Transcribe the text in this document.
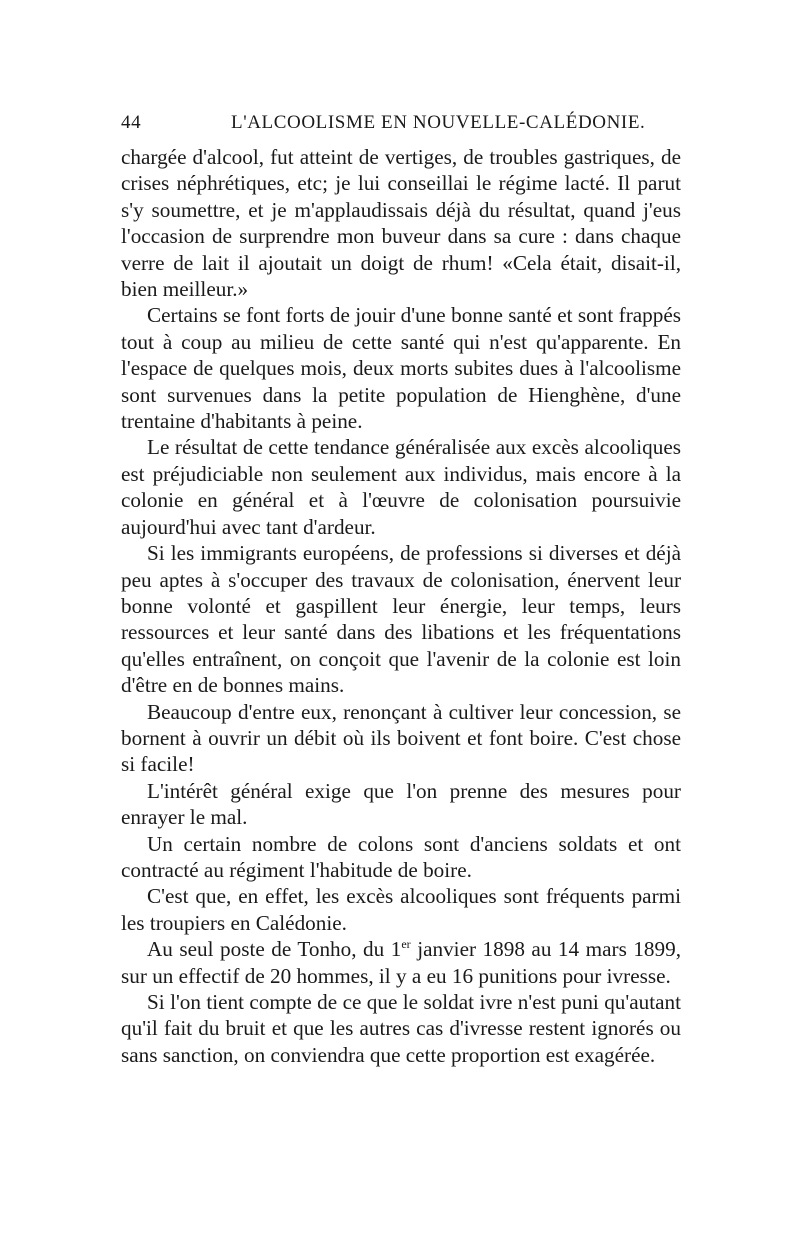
44	L'ALCOOLISME EN NOUVELLE-CALÉDONIE.

chargée d'alcool, fut atteint de vertiges, de troubles gastriques, de crises néphrétiques, etc; je lui conseillai le régime lacté. Il parut s'y soumettre, et je m'applaudissais déjà du résultat, quand j'eus l'occasion de surprendre mon buveur dans sa cure : dans chaque verre de lait il ajoutait un doigt de rhum! «Cela était, disait-il, bien meilleur.»

Certains se font forts de jouir d'une bonne santé et sont frappés tout à coup au milieu de cette santé qui n'est qu'apparente. En l'espace de quelques mois, deux morts subites dues à l'alcoolisme sont survenues dans la petite population de Hienghène, d'une trentaine d'habitants à peine.

Le résultat de cette tendance généralisée aux excès alcooliques est préjudiciable non seulement aux individus, mais encore à la colonie en général et à l'œuvre de colonisation poursuivie aujourd'hui avec tant d'ardeur.

Si les immigrants européens, de professions si diverses et déjà peu aptes à s'occuper des travaux de colonisation, énervent leur bonne volonté et gaspillent leur énergie, leur temps, leurs ressources et leur santé dans des libations et les fréquentations qu'elles entraînent, on conçoit que l'avenir de la colonie est loin d'être en de bonnes mains.

Beaucoup d'entre eux, renonçant à cultiver leur concession, se bornent à ouvrir un débit où ils boivent et font boire. C'est chose si facile!

L'intérêt général exige que l'on prenne des mesures pour enrayer le mal.

Un certain nombre de colons sont d'anciens soldats et ont contracté au régiment l'habitude de boire.

C'est que, en effet, les excès alcooliques sont fréquents parmi les troupiers en Calédonie.

Au seul poste de Tonho, du 1er janvier 1898 au 14 mars 1899, sur un effectif de 20 hommes, il y a eu 16 punitions pour ivresse.

Si l'on tient compte de ce que le soldat ivre n'est puni qu'autant qu'il fait du bruit et que les autres cas d'ivresse restent ignorés ou sans sanction, on conviendra que cette proportion est exagérée.
